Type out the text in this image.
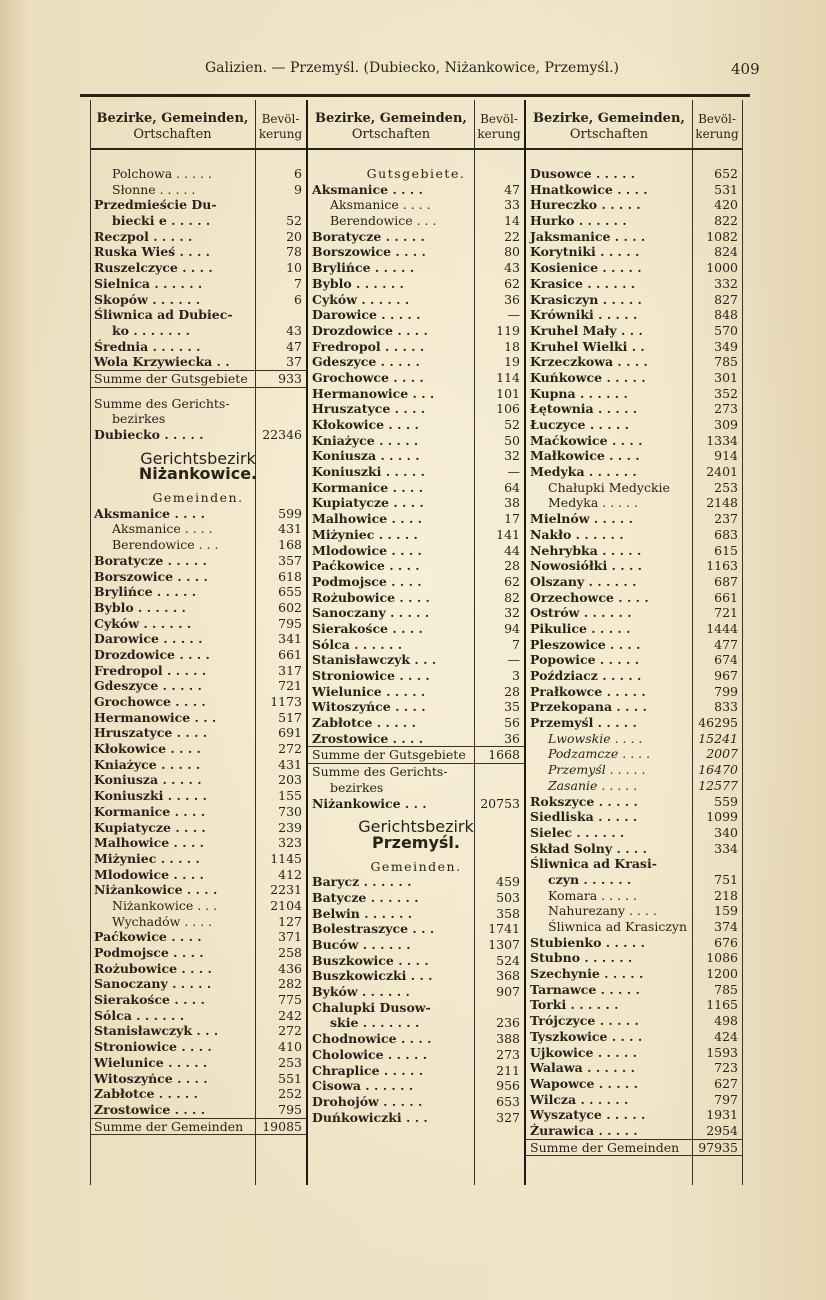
Galizien. — Przemyśl. (Dubiecko, Niżankowice, Przemyśl.)	409
Bezirke, Gemeinden,
Ortschaften
Bevöl-
kerung
Polchowa . . . . .	6
Słonne . . . . .	9
Przedmieście Du-
biecki e . . . . .	52
Reczpol . . . . .	20
Ruska Wieś . . . .	78
Ruszelczyce . . . .	10
Sielnica . . . . . .	7
Skopów . . . . . .	6
Śliwnica ad Dubiec-
ko . . . . . . .	43
Średnia . . . . . .	47
Wola Krzywiecka . .	37
Summe der Gutsgebiete 933
Summe des Gerichts-
bezirkes
Dubiecko . . . . .	22346
Gerichtsbezirk
Niżankowice.
Gemeinden.
Aksmanice . . . .	599
Aksmanice . . . .	431
Berendowice . . .	168
Boratycze . . . . .	357
Borszowice . . . .	618
Brylińce . . . . .	655
Byblo . . . . . .	602
Cyków . . . . . .	795
Darowice . . . . .	341
Drozdowice . . . .	661
Fredropol . . . . .	317
Gdeszyce . . . . .	721
Grochowce . . . .	1173
Hermanowice . . .	517
Hruszatyce . . . .	691
Kłokowice . . . .	272
Kniażyce . . . . .	431
Koniusza . . . . .	203
Koniuszki . . . . .	155
Kormanice . . . .	730
Kupiatycze . . . .	239
Malhowice . . . .	323
Miżyniec . . . . .	1145
Mlodowice . . . .	412
Niżankowice . . . .	2231
Niżankowice . . .	2104
Wychadów . . . .	127
Paćkowice . . . .	371
Podmojsce . . . .	258
Rożubowice . . . .	436
Sanoczany . . . . .	282
Sierakośce . . . .	775
Sólca . . . . . .	242
Stanisławczyk . . .	272
Stroniowice . . . .	410
Wielunice . . . . .	253
Witoszyńce . . . .	551
Zabłotce . . . . .	252
Zrostowice . . . .	795
Summe der Gemeinden 19085
Bezirke, Gemeinden,
Ortschaften
Bevöl-
kerung
Gutsgebiete.
Aksmanice . . . .	47
Aksmanice . . . .	33
Berendowice . . .	14
Boratycze . . . . .	22
Borszowice . . . .	80
Brylińce . . . . .	43
Byblo . . . . . .	62
Cyków . . . . . .	36
Darowice . . . . .	—
Drozdowice . . . .	119
Fredropol . . . . .	18
Gdeszyce . . . . .	19
Grochowce . . . .	114
Hermanowice . . .	101
Hruszatyce . . . .	106
Kłokowice . . . .	52
Kniażyce . . . . .	50
Koniusza . . . . .	32
Koniuszki . . . . .	—
Kormanice . . . .	64
Kupiatycze . . . .	38
Malhowice . . . .	17
Miżyniec . . . . .	141
Mlodowice . . . .	44
Paćkowice . . . .	28
Podmojsce . . . .	62
Rożubowice . . . .	82
Sanoczany . . . . .	32
Sierakośce . . . .	94
Sólca . . . . . .	7
Stanisławczyk . . .	—
Stroniowice . . . .	3
Wielunice . . . . .	28
Witoszyńce . . . .	35
Zabłotce . . . . .	56
Zrostowice . . . .	36
Summe der Gutsgebiete 1668
Summe des Gerichts-
bezirkes
Niżankowice . . .	20753
Gerichtsbezirk
Przemyśl.
Gemeinden.
Barycz . . . . . .	459
Batycze . . . . . .	503
Belwin . . . . . .	358
Bolestraszyce . . .	1741
Buców . . . . . .	1307
Buszkowice . . . .	524
Buszkowiczki . . .	368
Byków . . . . . .	907
Chalupki Dusow-
skie . . . . . . .	236
Chodnowice . . . .	388
Cholowice . . . . .	273
Chraplice . . . . .	211
Cisowa . . . . . .	956
Drohojów . . . . .	653
Duńkowiczki . . .	327
Bezirke, Gemeinden,
Ortschaften
Bevöl-
kerung
Dusowce . . . . .	652
Hnatkowice . . . .	531
Hureczko . . . . .	420
Hurko . . . . . .	822
Jaksmanice . . . .	1082
Korytniki . . . . .	824
Kosienice . . . . .	1000
Krasice . . . . . .	332
Krasiczyn . . . . .	827
Krówniki . . . . .	848
Kruhel Mały . . .	570
Kruhel Wielki . .	349
Krzeczkowa . . . .	785
Kuńkowce . . . . .	301
Kupna . . . . . .	352
Łętownia . . . . .	273
Łuczyce . . . . .	309
Maćkowice . . . .	1334
Małkowice . . . .	914
Medyka . . . . . .	2401
Chałupki Medyckie	253
Medyka . . . . .	2148
Mielnów . . . . .	237
Nakło . . . . . .	683
Nehrybka . . . . .	615
Nowosiółki . . . .	1163
Olszany . . . . . .	687
Orzechowce . . . .	661
Ostrów . . . . . .	721
Pikulice . . . . .	1444
Pleszowice . . . .	477
Popowice . . . . .	674
Poździacz . . . . .	967
Prałkowce . . . . .	799
Przekopana . . . .	833
Przemyśl . . . . .	46295
Lwowskie . . . .	15241
Podzamcze . . . .	2007
Przemyśl . . . . .	16470
Zasanie . . . . .	12577
Rokszyce . . . . .	559
Siedliska . . . . .	1099
Sielec . . . . . .	340
Skład Solny . . . .	334
Śliwnica ad Krasi-
czyn . . . . . .	751
Komara . . . . .	218
Nahurezany . . . .	159
Śliwnica ad Krasiczyn 374
Stubienko . . . . .	676
Stubno . . . . . .	1086
Szechynie . . . . .	1200
Tarnawce . . . . .	785
Torki . . . . . .	1165
Trójczyce . . . . .	498
Tyszkowice . . . .	424
Ujkowice . . . . .	1593
Walawa . . . . . .	723
Wapowce . . . . .	627
Wilcza . . . . . .	797
Wyszatyce . . . . .	1931
Żurawica . . . . .	2954
Summe der Gemeinden 97935
